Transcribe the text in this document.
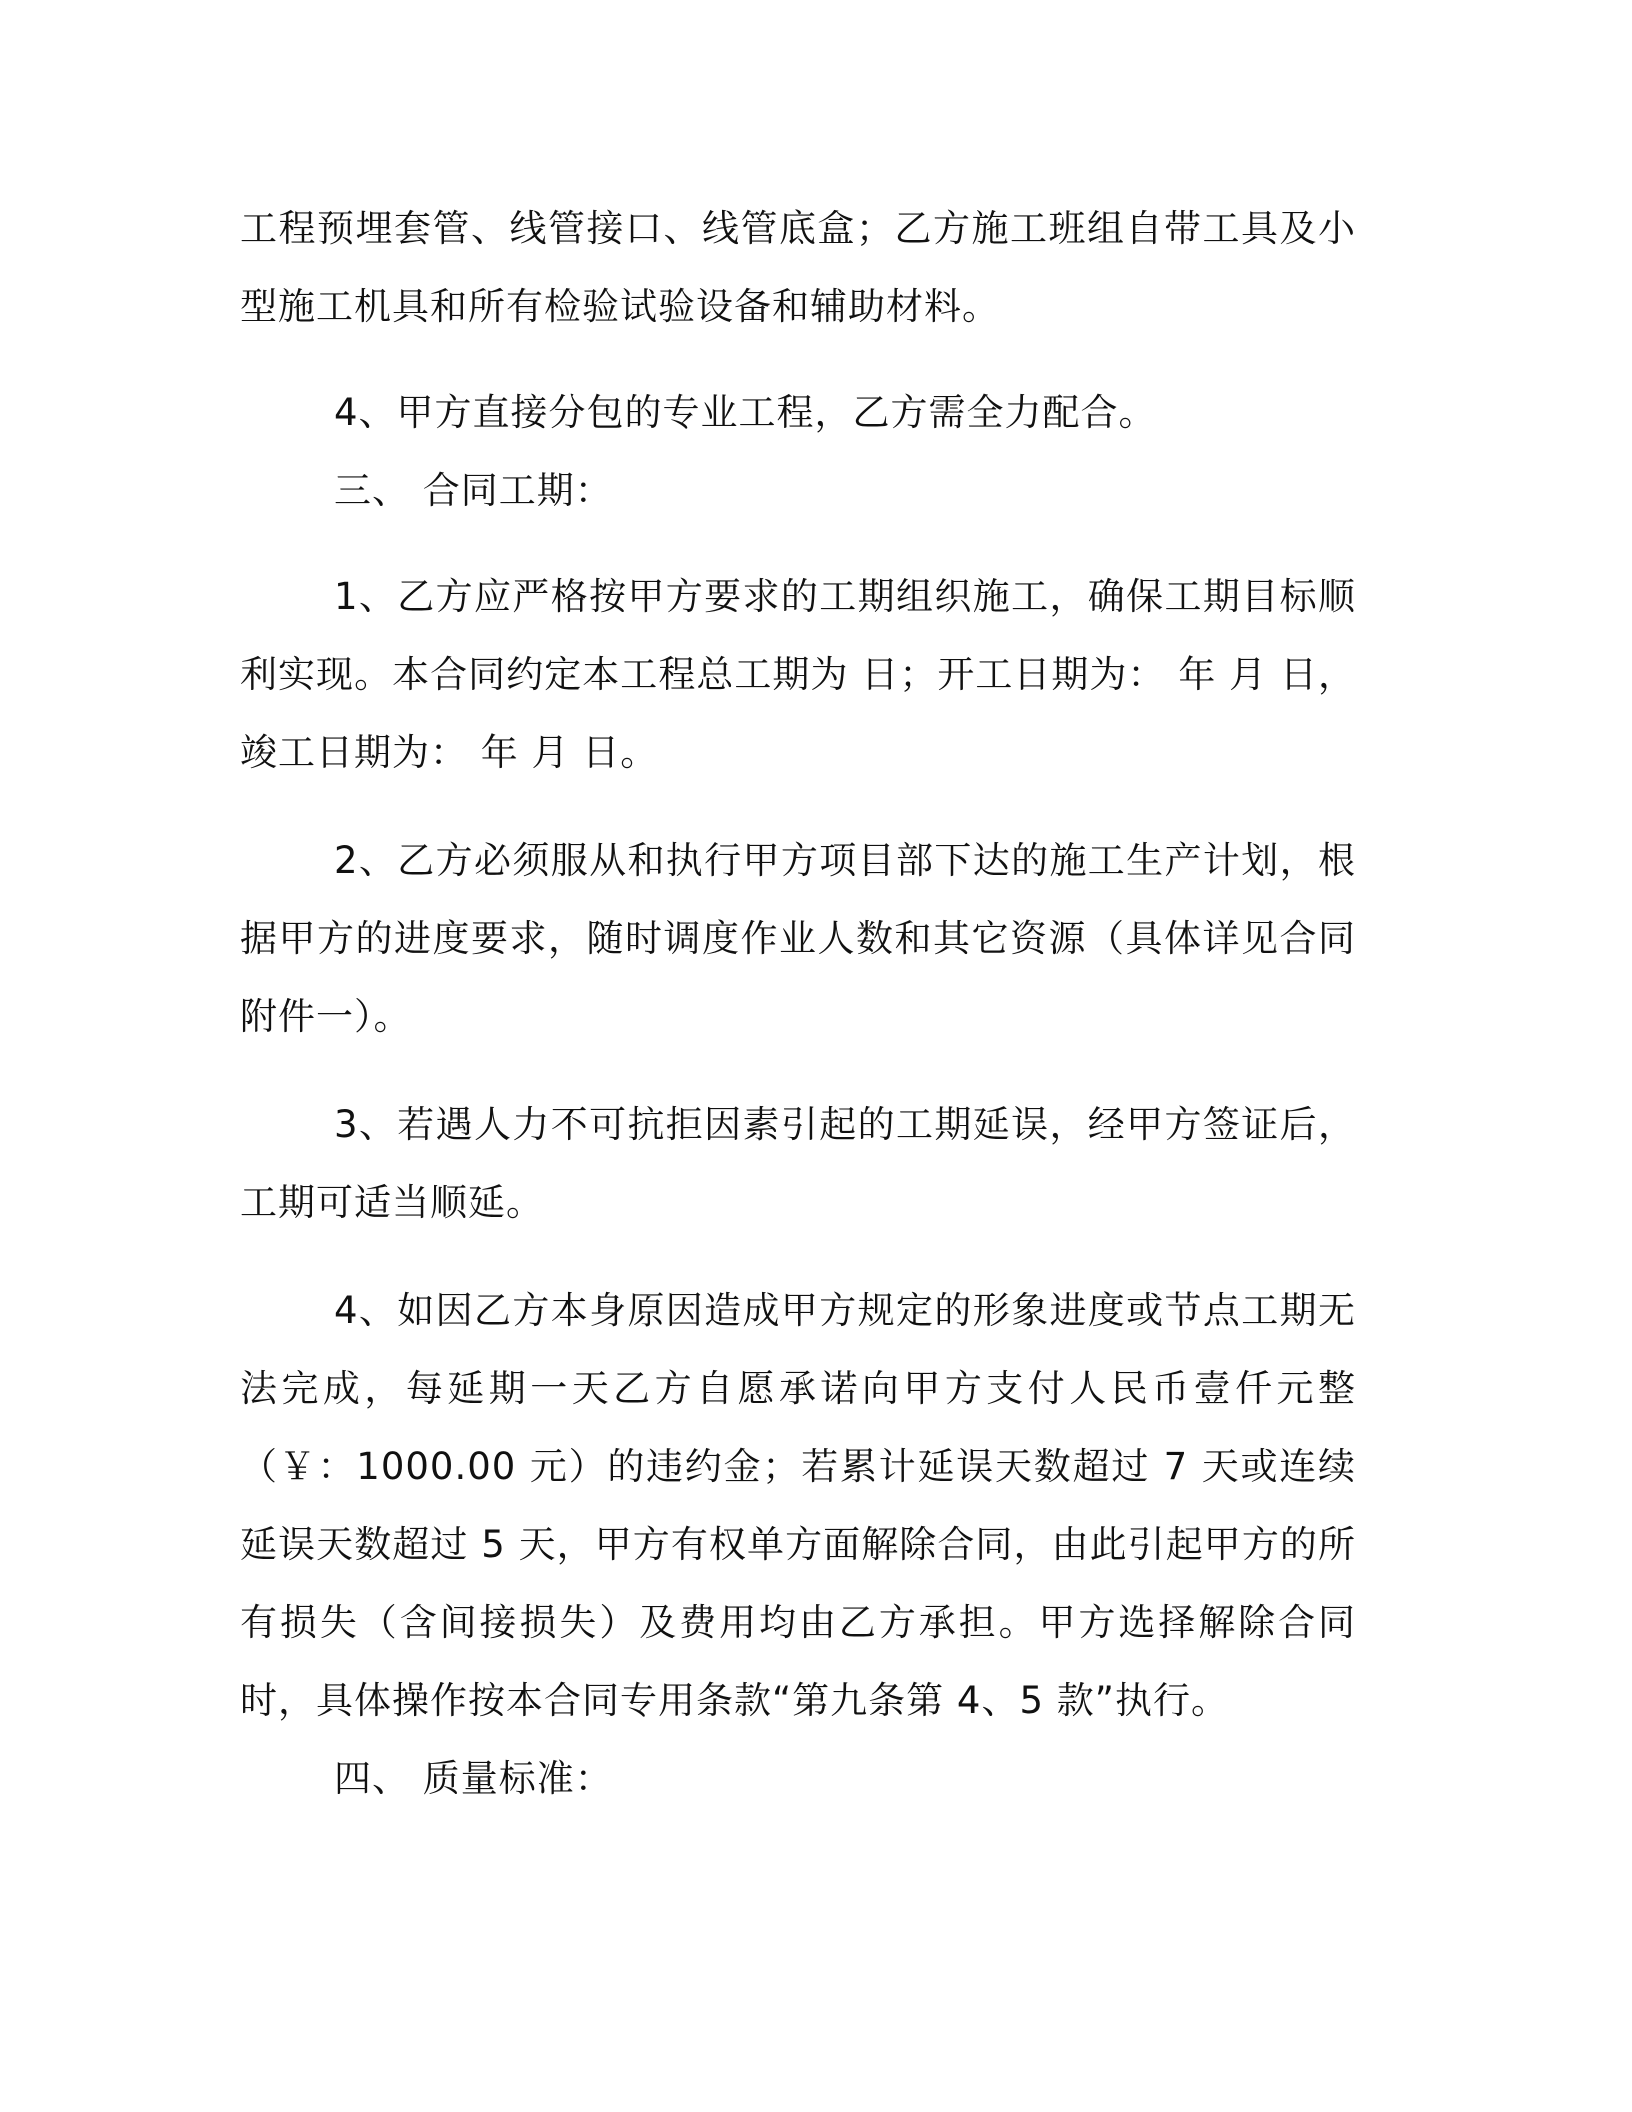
工程预埋套管、线管接口、线管底盒；乙方施工班组自带工具及小型施工机具和所有检验试验设备和辅助材料。

4、甲方直接分包的专业工程，乙方需全力配合。

三、 合同工期：

1、乙方应严格按甲方要求的工期组织施工，确保工期目标顺利实现。本合同约定本工程总工期为 日；开工日期为： 年 月 日，竣工日期为： 年 月 日。

2、乙方必须服从和执行甲方项目部下达的施工生产计划，根据甲方的进度要求，随时调度作业人数和其它资源（具体详见合同附件一）。

3、若遇人力不可抗拒因素引起的工期延误，经甲方签证后，工期可适当顺延。

4、如因乙方本身原因造成甲方规定的形象进度或节点工期无法完成，每延期一天乙方自愿承诺向甲方支付人民币壹仟元整（￥：1000.00 元）的违约金；若累计延误天数超过 7 天或连续延误天数超过 5 天，甲方有权单方面解除合同，由此引起甲方的所有损失（含间接损失）及费用均由乙方承担。甲方选择解除合同时，具体操作按本合同专用条款“第九条第 4、5 款”执行。

四、 质量标准：
